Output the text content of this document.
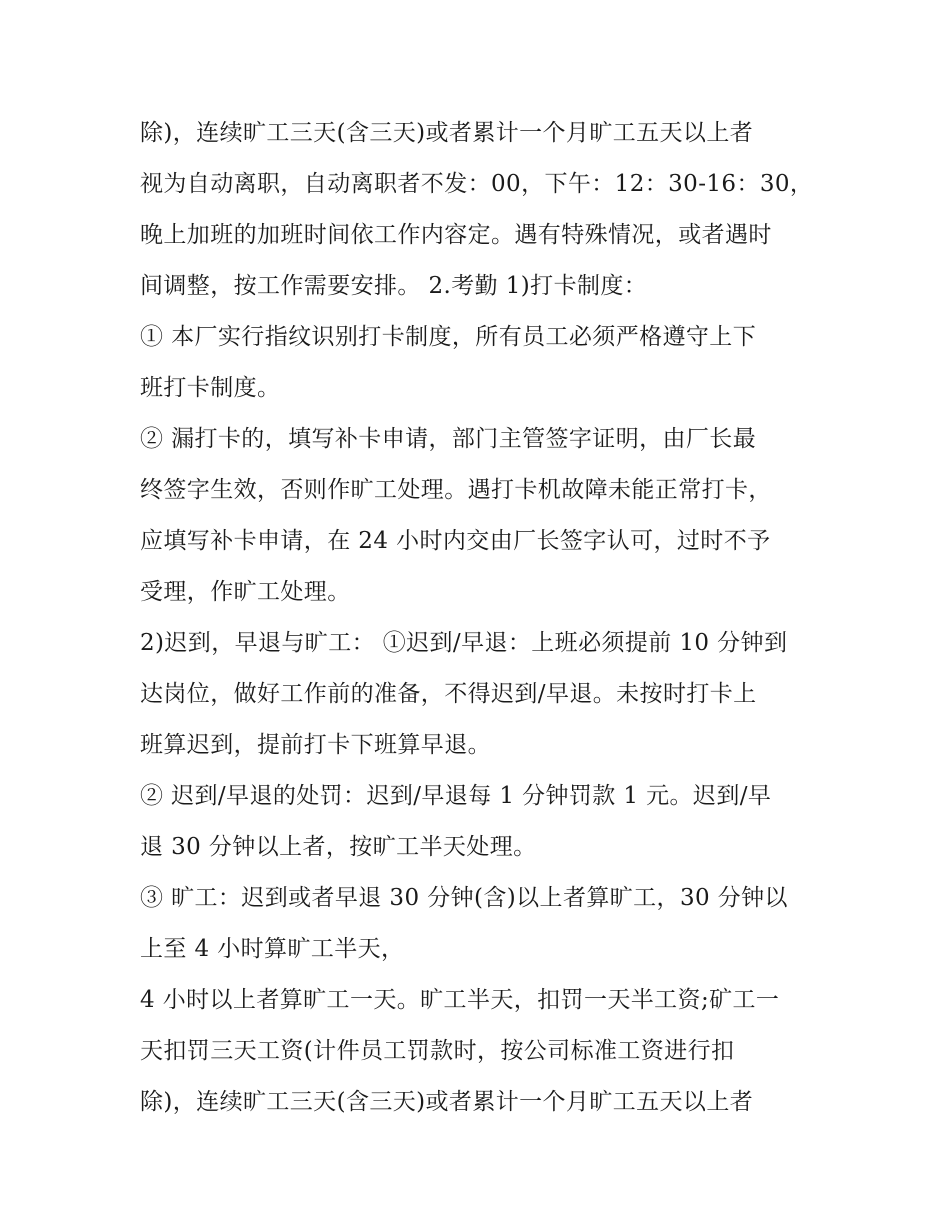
除)，连续旷工三天(含三天)或者累计一个月旷工五天以上者
视为自动离职，自动离职者不发：00，下午：12：30-16：30，
晚上加班的加班时间依工作内容定。遇有特殊情况，或者遇时
间调整，按工作需要安排。 2.考勤 1)打卡制度：
① 本厂实行指纹识别打卡制度，所有员工必须严格遵守上下
班打卡制度。
② 漏打卡的，填写补卡申请，部门主管签字证明，由厂长最
终签字生效，否则作旷工处理。遇打卡机故障未能正常打卡，
应填写补卡申请，在 24 小时内交由厂长签字认可，过时不予
受理，作旷工处理。
2)迟到，早退与旷工： ①迟到/早退：上班必须提前 10 分钟到
达岗位，做好工作前的准备，不得迟到/早退。未按时打卡上
班算迟到，提前打卡下班算早退。
② 迟到/早退的处罚：迟到/早退每 1 分钟罚款 1 元。迟到/早
退 30 分钟以上者，按旷工半天处理。
③ 旷工：迟到或者早退 30 分钟(含)以上者算旷工，30 分钟以
上至 4 小时算旷工半天，
4 小时以上者算旷工一天。旷工半天，扣罚一天半工资;矿工一
天扣罚三天工资(计件员工罚款时，按公司标准工资进行扣
除)，连续旷工三天(含三天)或者累计一个月旷工五天以上者
